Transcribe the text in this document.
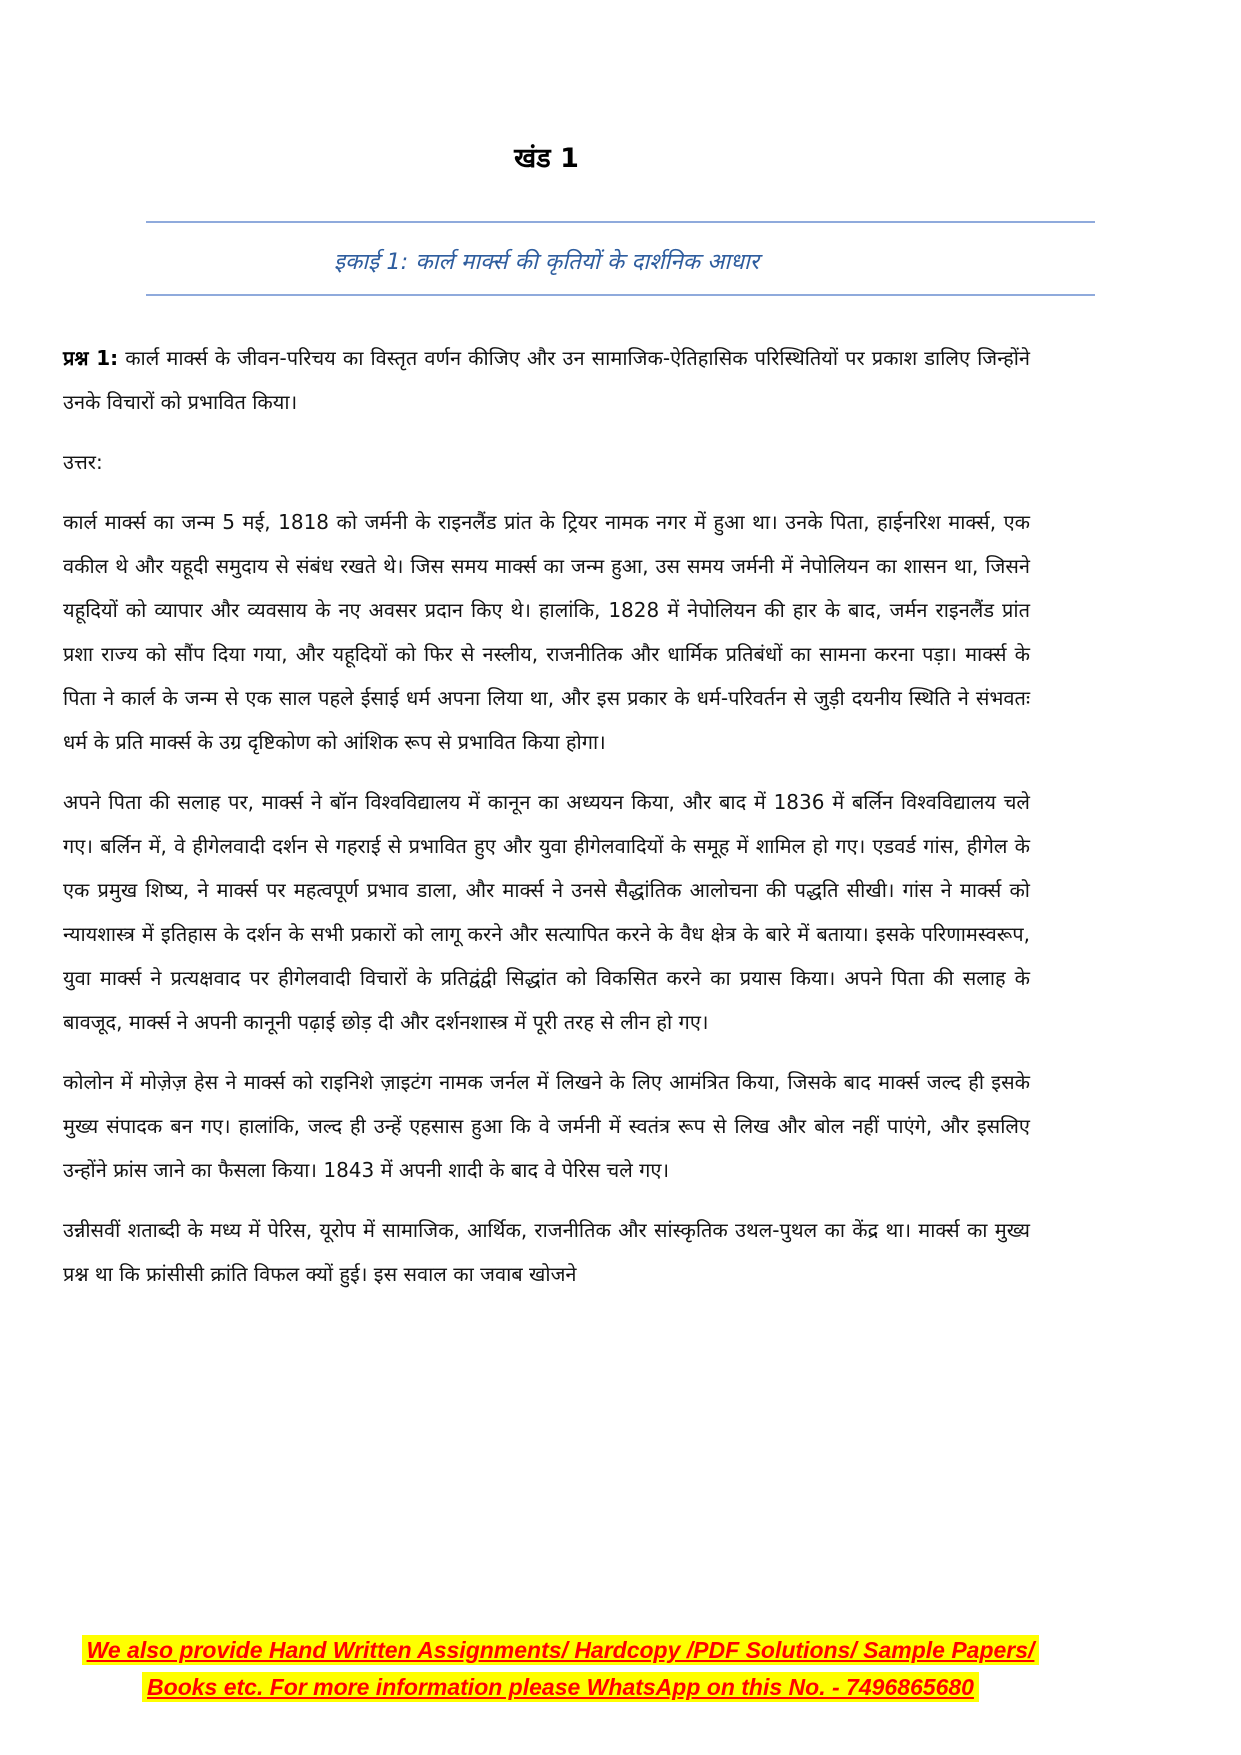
खंड 1
इकाई 1: कार्ल मार्क्स की कृतियों के दार्शनिक आधार

प्रश्न 1: कार्ल मार्क्स के जीवन-परिचय का विस्तृत वर्णन कीजिए और उन सामाजिक-ऐतिहासिक परिस्थितियों पर प्रकाश डालिए जिन्होंने उनके विचारों को प्रभावित किया।

उत्तर:

कार्ल मार्क्स का जन्म 5 मई, 1818 को जर्मनी के राइनलैंड प्रांत के ट्रियर नामक नगर में हुआ था। उनके पिता, हाईनरिश मार्क्स, एक वकील थे और यहूदी समुदाय से संबंध रखते थे। जिस समय मार्क्स का जन्म हुआ, उस समय जर्मनी में नेपोलियन का शासन था, जिसने यहूदियों को व्यापार और व्यवसाय के नए अवसर प्रदान किए थे। हालांकि, 1828 में नेपोलियन की हार के बाद, जर्मन राइनलैंड प्रांत प्रशा राज्य को सौंप दिया गया, और यहूदियों को फिर से नस्लीय, राजनीतिक और धार्मिक प्रतिबंधों का सामना करना पड़ा। मार्क्स के पिता ने कार्ल के जन्म से एक साल पहले ईसाई धर्म अपना लिया था, और इस प्रकार के धर्म-परिवर्तन से जुड़ी दयनीय स्थिति ने संभवतः धर्म के प्रति मार्क्स के उग्र दृष्टिकोण को आंशिक रूप से प्रभावित किया होगा।

अपने पिता की सलाह पर, मार्क्स ने बॉन विश्वविद्यालय में कानून का अध्ययन किया, और बाद में 1836 में बर्लिन विश्वविद्यालय चले गए। बर्लिन में, वे हीगेलवादी दर्शन से गहराई से प्रभावित हुए और युवा हीगेलवादियों के समूह में शामिल हो गए। एडवर्ड गांस, हीगेल के एक प्रमुख शिष्य, ने मार्क्स पर महत्वपूर्ण प्रभाव डाला, और मार्क्स ने उनसे सैद्धांतिक आलोचना की पद्धति सीखी। गांस ने मार्क्स को न्यायशास्त्र में इतिहास के दर्शन के सभी प्रकारों को लागू करने और सत्यापित करने के वैध क्षेत्र के बारे में बताया। इसके परिणामस्वरूप, युवा मार्क्स ने प्रत्यक्षवाद पर हीगेलवादी विचारों के प्रतिद्वंद्वी सिद्धांत को विकसित करने का प्रयास किया। अपने पिता की सलाह के बावजूद, मार्क्स ने अपनी कानूनी पढ़ाई छोड़ दी और दर्शनशास्त्र में पूरी तरह से लीन हो गए।

कोलोन में मोज़ेज़ हेस ने मार्क्स को राइनिशे ज़ाइटंग नामक जर्नल में लिखने के लिए आमंत्रित किया, जिसके बाद मार्क्स जल्द ही इसके मुख्य संपादक बन गए। हालांकि, जल्द ही उन्हें एहसास हुआ कि वे जर्मनी में स्वतंत्र रूप से लिख और बोल नहीं पाएंगे, और इसलिए उन्होंने फ्रांस जाने का फैसला किया। 1843 में अपनी शादी के बाद वे पेरिस चले गए।

उन्नीसवीं शताब्दी के मध्य में पेरिस, यूरोप में सामाजिक, आर्थिक, राजनीतिक और सांस्कृतिक उथल-पुथल का केंद्र था। मार्क्स का मुख्य प्रश्न था कि फ्रांसीसी क्रांति विफल क्यों हुई। इस सवाल का जवाब खोजने

We also provide Hand Written Assignments/ Hardcopy /PDF Solutions/ Sample Papers/
Books etc. For more information please WhatsApp on this No. - 7496865680
